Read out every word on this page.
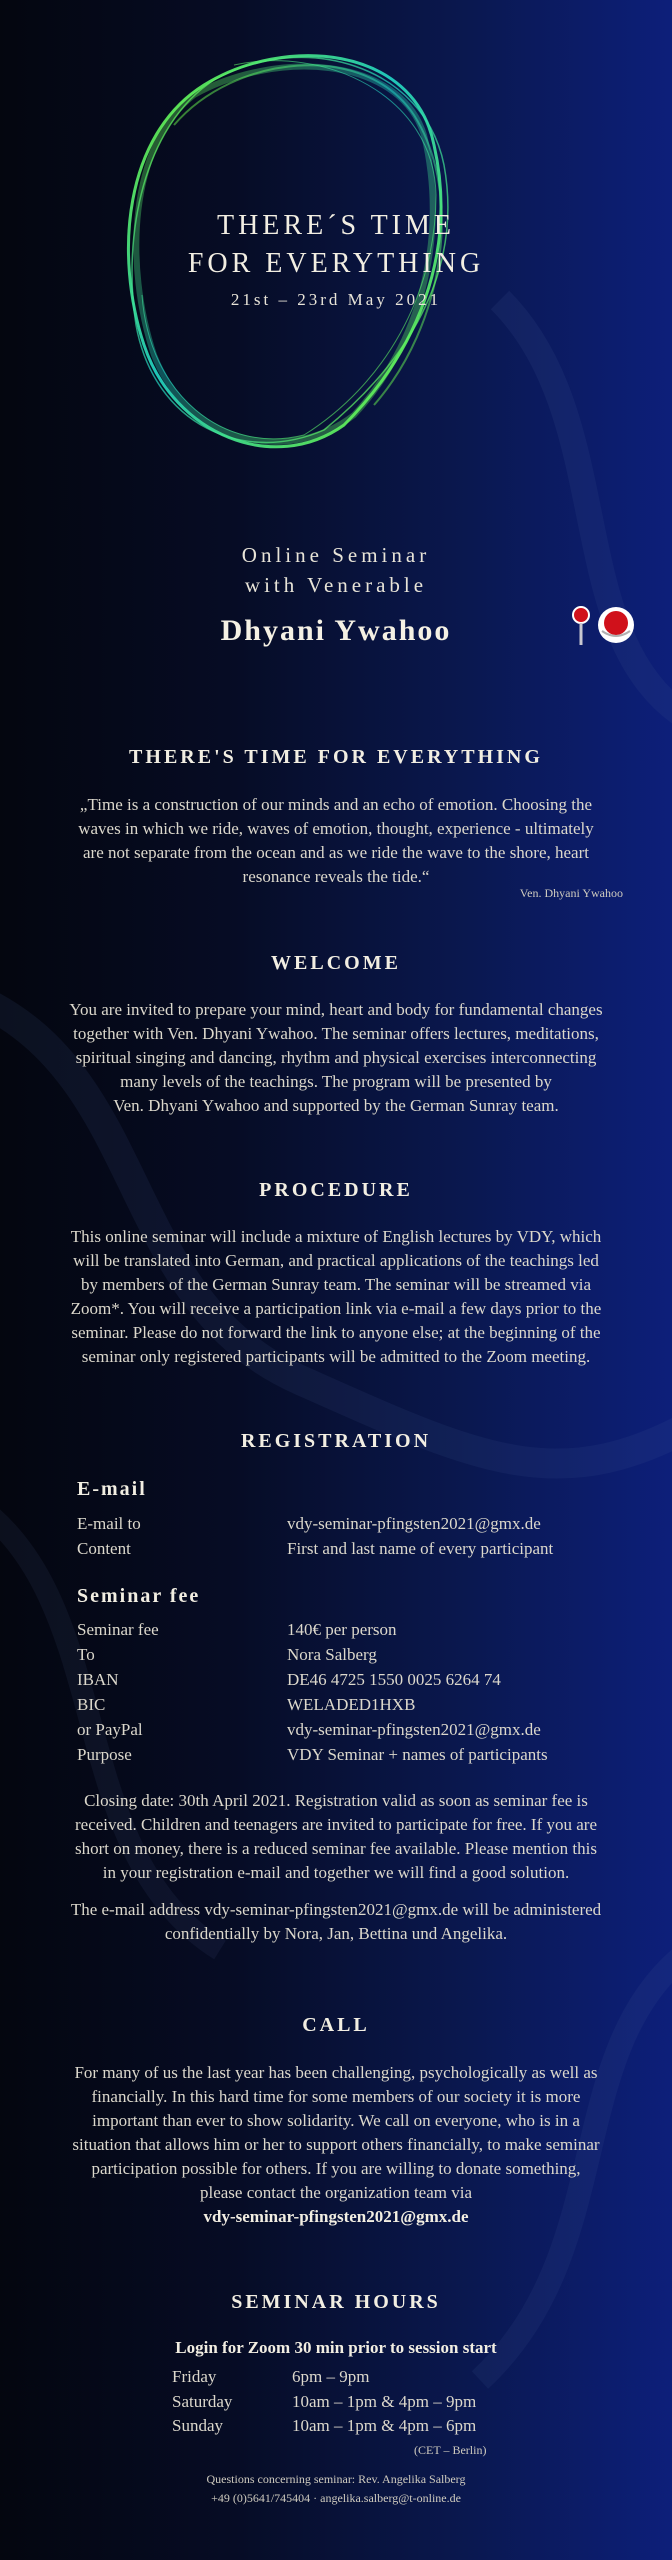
THERE´S TIME
FOR EVERYTHING
21st – 23rd May 2021
Online Seminar
with Venerable
Dhyani Ywahoo
THERE'S TIME FOR EVERYTHING
„Time is a construction of our minds and an echo of emotion. Choosing the
waves in which we ride, waves of emotion, thought, experience - ultimately
are not separate from the ocean and as we ride the wave to the shore, heart
resonance reveals the tide.“
Ven. Dhyani Ywahoo
WELCOME
You are invited to prepare your mind, heart and body for fundamental changes
together with Ven. Dhyani Ywahoo. The seminar offers lectures, meditations,
spiritual singing and dancing, rhythm and physical exercises interconnecting
many levels of the teachings. The program will be presented by
Ven. Dhyani Ywahoo and supported by the German Sunray team.
PROCEDURE
This online seminar will include a mixture of English lectures by VDY, which
will be translated into German, and practical applications of the teachings led
by members of the German Sunray team. The seminar will be streamed via
Zoom*. You will receive a participation link via e-mail a few days prior to the
seminar. Please do not forward the link to anyone else; at the beginning of the
seminar only registered participants will be admitted to the Zoom meeting.
REGISTRATION
E-mail
E-mail to	vdy-seminar-pfingsten2021@gmx.de
Content	First and last name of every participant
Seminar fee
Seminar fee	140€ per person
To	Nora Salberg
IBAN	DE46 4725 1550 0025 6264 74
BIC	WELADED1HXB
or PayPal	vdy-seminar-pfingsten2021@gmx.de
Purpose	VDY Seminar + names of participants
Closing date: 30th April 2021. Registration valid as soon as seminar fee is
received. Children and teenagers are invited to participate for free. If you are
short on money, there is a reduced seminar fee available. Please mention this
in your registration e-mail and together we will find a good solution.
The e-mail address vdy-seminar-pfingsten2021@gmx.de will be administered
confidentially by Nora, Jan, Bettina und Angelika.
CALL
For many of us the last year has been challenging, psychologically as well as
financially. In this hard time for some members of our society it is more
important than ever to show solidarity. We call on everyone, who is in a
situation that allows him or her to support others financially, to make seminar
participation possible for others. If you are willing to donate something,
please contact the organization team via
vdy-seminar-pfingsten2021@gmx.de
SEMINAR HOURS
Login for Zoom 30 min prior to session start
Friday	6pm – 9pm
Saturday	10am – 1pm & 4pm – 9pm
Sunday	10am – 1pm & 4pm – 6pm
(CET – Berlin)
Questions concerning seminar: Rev. Angelika Salberg
+49 (0)5641/745404 · angelika.salberg@t-online.de
